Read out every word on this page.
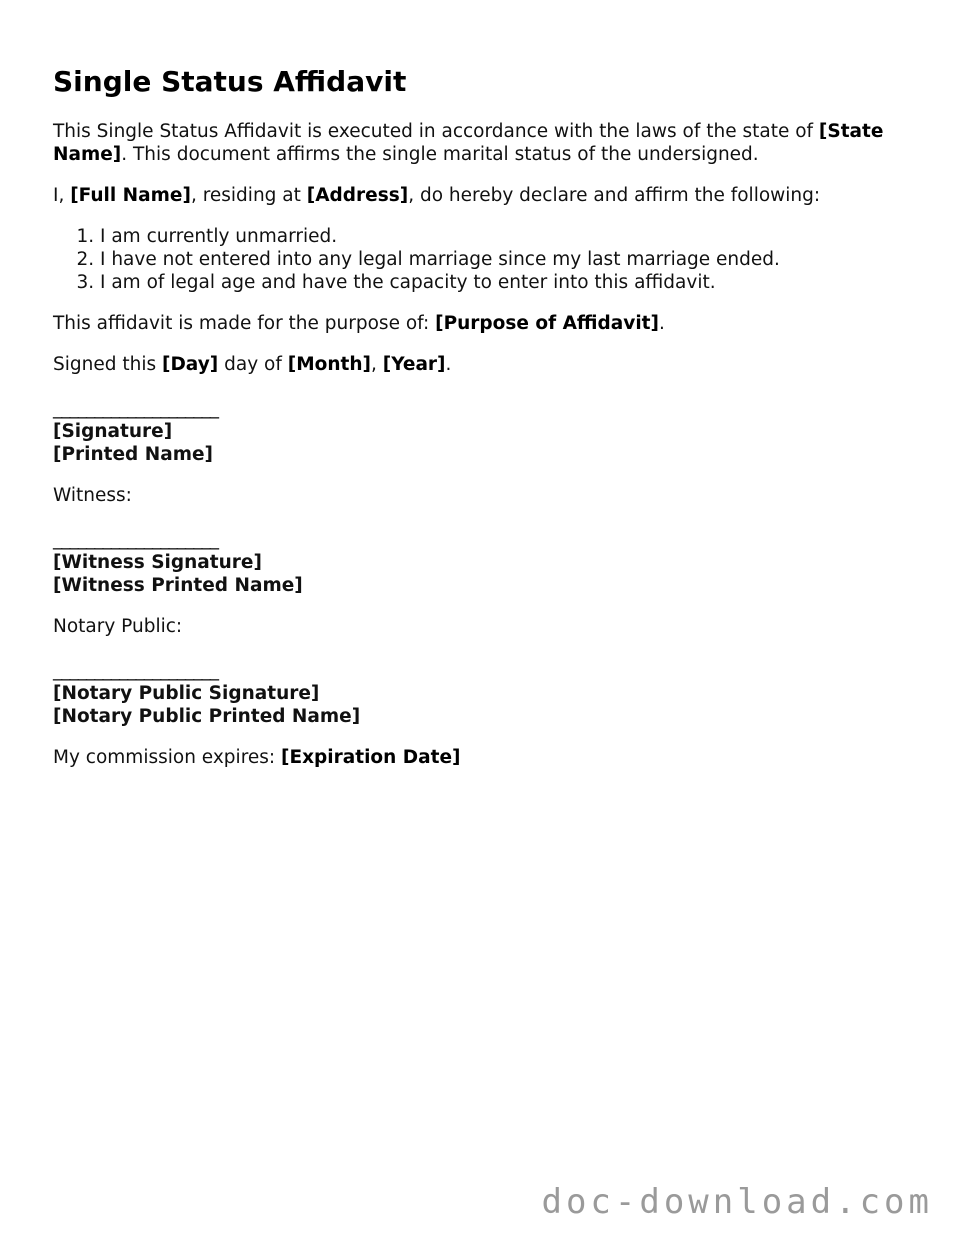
Single Status Affidavit

This Single Status Affidavit is executed in accordance with the laws of the state of [State Name]. This document affirms the single marital status of the undersigned.

I, [Full Name], residing at [Address], do hereby declare and affirm the following:

1. I am currently unmarried.
2. I have not entered into any legal marriage since my last marriage ended.
3. I am of legal age and have the capacity to enter into this affidavit.

This affidavit is made for the purpose of: [Purpose of Affidavit].

Signed this [Day] day of [Month], [Year].

____________________
[Signature]
[Printed Name]

Witness:

____________________
[Witness Signature]
[Witness Printed Name]

Notary Public:

____________________
[Notary Public Signature]
[Notary Public Printed Name]

My commission expires: [Expiration Date]

doc-download.com
